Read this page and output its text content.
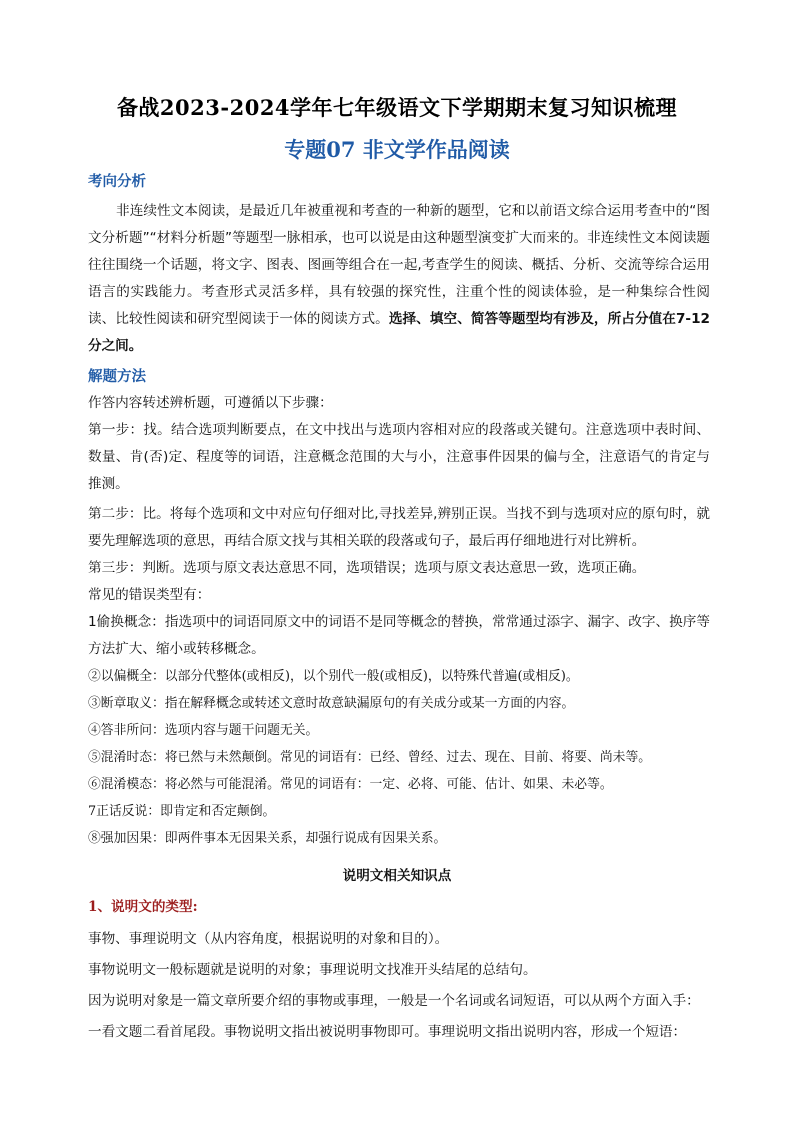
备战2023-2024学年七年级语文下学期期末复习知识梳理
专题07 非文学作品阅读
考向分析
非连续性文本阅读，是最近几年被重视和考查的一种新的题型，它和以前语文综合运用考查中的“图文分析题”“材料分析题”等题型一脉相承，也可以说是由这种题型演变扩大而来的。非连续性文本阅读题往往围绕一个话题，将文字、图表、图画等组合在一起,考查学生的阅读、概括、分析、交流等综合运用语言的实践能力。考查形式灵活多样，具有较强的探究性，注重个性的阅读体验，是一种集综合性阅读、比较性阅读和研究型阅读于一体的阅读方式。选择、填空、简答等题型均有涉及，所占分值在7-12分之间。
解题方法
作答内容转述辨析题，可遵循以下步骤：
第一步：找。结合选项判断要点，在文中找出与选项内容相对应的段落或关键句。注意选项中表时间、数量、肯(否)定、程度等的词语，注意概念范围的大与小，注意事件因果的偏与全，注意语气的肯定与推测。
第二步：比。将每个选项和文中对应句仔细对比,寻找差异,辨别正误。当找不到与选项对应的原句时，就要先理解选项的意思，再结合原文找与其相关联的段落或句子，最后再仔细地进行对比辨析。
第三步：判断。选项与原文表达意思不同，选项错误；选项与原文表达意思一致，选项正确。
常见的错误类型有：
1偷换概念：指选项中的词语同原文中的词语不是同等概念的替换，常常通过添字、漏字、改字、换序等方法扩大、缩小或转移概念。
②以偏概全：以部分代整体(或相反)，以个别代一般(或相反)，以特殊代普遍(或相反)。
③断章取义：指在解释概念或转述文意时故意缺漏原句的有关成分或某一方面的内容。
④答非所问：选项内容与题干问题无关。
⑤混淆时态：将已然与未然颠倒。常见的词语有：已经、曾经、过去、现在、目前、将要、尚未等。
⑥混淆模态：将必然与可能混淆。常见的词语有：一定、必将、可能、估计、如果、未必等。
7正话反说：即肯定和否定颠倒。
⑧强加因果：即两件事本无因果关系，却强行说成有因果关系。
说明文相关知识点
1、说明文的类型:
事物、事理说明文（从内容角度，根据说明的对象和目的）。
事物说明文一般标题就是说明的对象；事理说明文找准开头结尾的总结句。
因为说明对象是一篇文章所要介绍的事物或事理，一般是一个名词或名词短语，可以从两个方面入手：
一看文题二看首尾段。事物说明文指出被说明事物即可。事理说明文指出说明内容，形成一个短语：
